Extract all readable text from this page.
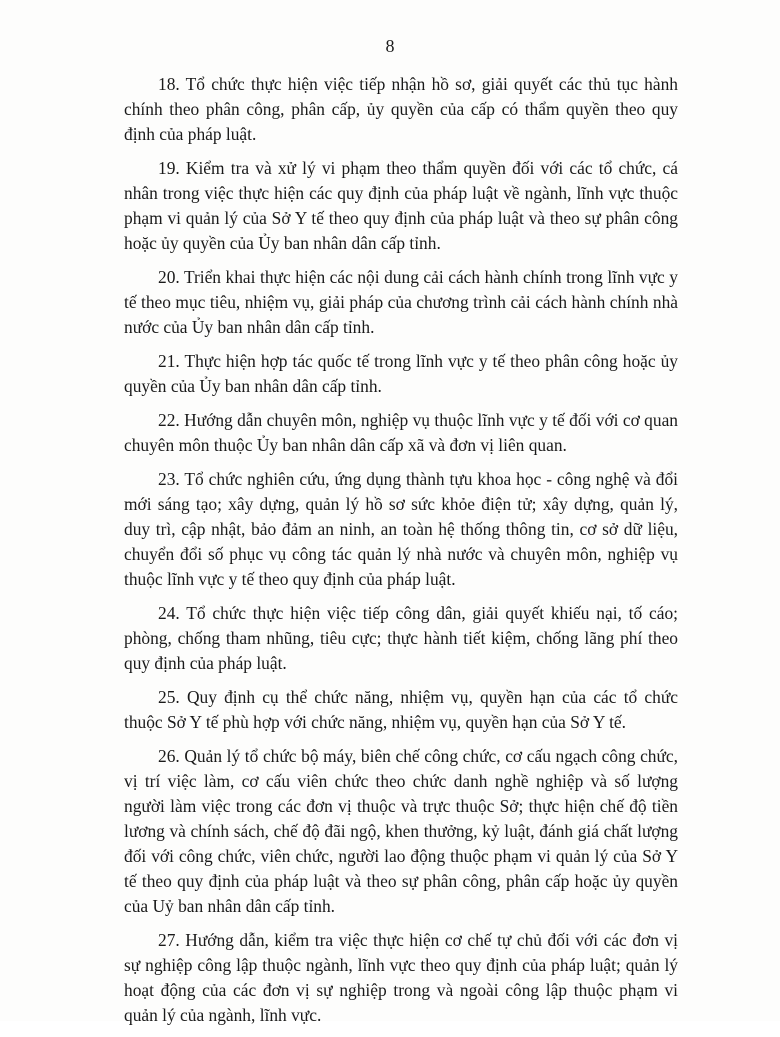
8

18. Tổ chức thực hiện việc tiếp nhận hồ sơ, giải quyết các thủ tục hành chính theo phân công, phân cấp, ủy quyền của cấp có thẩm quyền theo quy định của pháp luật.

19. Kiểm tra và xử lý vi phạm theo thẩm quyền đối với các tổ chức, cá nhân trong việc thực hiện các quy định của pháp luật về ngành, lĩnh vực thuộc phạm vi quản lý của Sở Y tế theo quy định của pháp luật và theo sự phân công hoặc ủy quyền của Ủy ban nhân dân cấp tỉnh.

20. Triển khai thực hiện các nội dung cải cách hành chính trong lĩnh vực y tế theo mục tiêu, nhiệm vụ, giải pháp của chương trình cải cách hành chính nhà nước của Ủy ban nhân dân cấp tỉnh.

21. Thực hiện hợp tác quốc tế trong lĩnh vực y tế theo phân công hoặc ủy quyền của Ủy ban nhân dân cấp tỉnh.

22. Hướng dẫn chuyên môn, nghiệp vụ thuộc lĩnh vực y tế đối với cơ quan chuyên môn thuộc Ủy ban nhân dân cấp xã và đơn vị liên quan.

23. Tổ chức nghiên cứu, ứng dụng thành tựu khoa học - công nghệ và đổi mới sáng tạo; xây dựng, quản lý hồ sơ sức khỏe điện tử; xây dựng, quản lý, duy trì, cập nhật, bảo đảm an ninh, an toàn hệ thống thông tin, cơ sở dữ liệu, chuyển đổi số phục vụ công tác quản lý nhà nước và chuyên môn, nghiệp vụ thuộc lĩnh vực y tế theo quy định của pháp luật.

24. Tổ chức thực hiện việc tiếp công dân, giải quyết khiếu nại, tố cáo; phòng, chống tham nhũng, tiêu cực; thực hành tiết kiệm, chống lãng phí theo quy định của pháp luật.

25. Quy định cụ thể chức năng, nhiệm vụ, quyền hạn của các tổ chức thuộc Sở Y tế phù hợp với chức năng, nhiệm vụ, quyền hạn của Sở Y tế.

26. Quản lý tổ chức bộ máy, biên chế công chức, cơ cấu ngạch công chức, vị trí việc làm, cơ cấu viên chức theo chức danh nghề nghiệp và số lượng người làm việc trong các đơn vị thuộc và trực thuộc Sở; thực hiện chế độ tiền lương và chính sách, chế độ đãi ngộ, khen thưởng, kỷ luật, đánh giá chất lượng đối với công chức, viên chức, người lao động thuộc phạm vi quản lý của Sở Y tế theo quy định của pháp luật và theo sự phân công, phân cấp hoặc ủy quyền của Uỷ ban nhân dân cấp tỉnh.

27. Hướng dẫn, kiểm tra việc thực hiện cơ chế tự chủ đối với các đơn vị sự nghiệp công lập thuộc ngành, lĩnh vực theo quy định của pháp luật; quản lý hoạt động của các đơn vị sự nghiệp trong và ngoài công lập thuộc phạm vi quản lý của ngành, lĩnh vực.
